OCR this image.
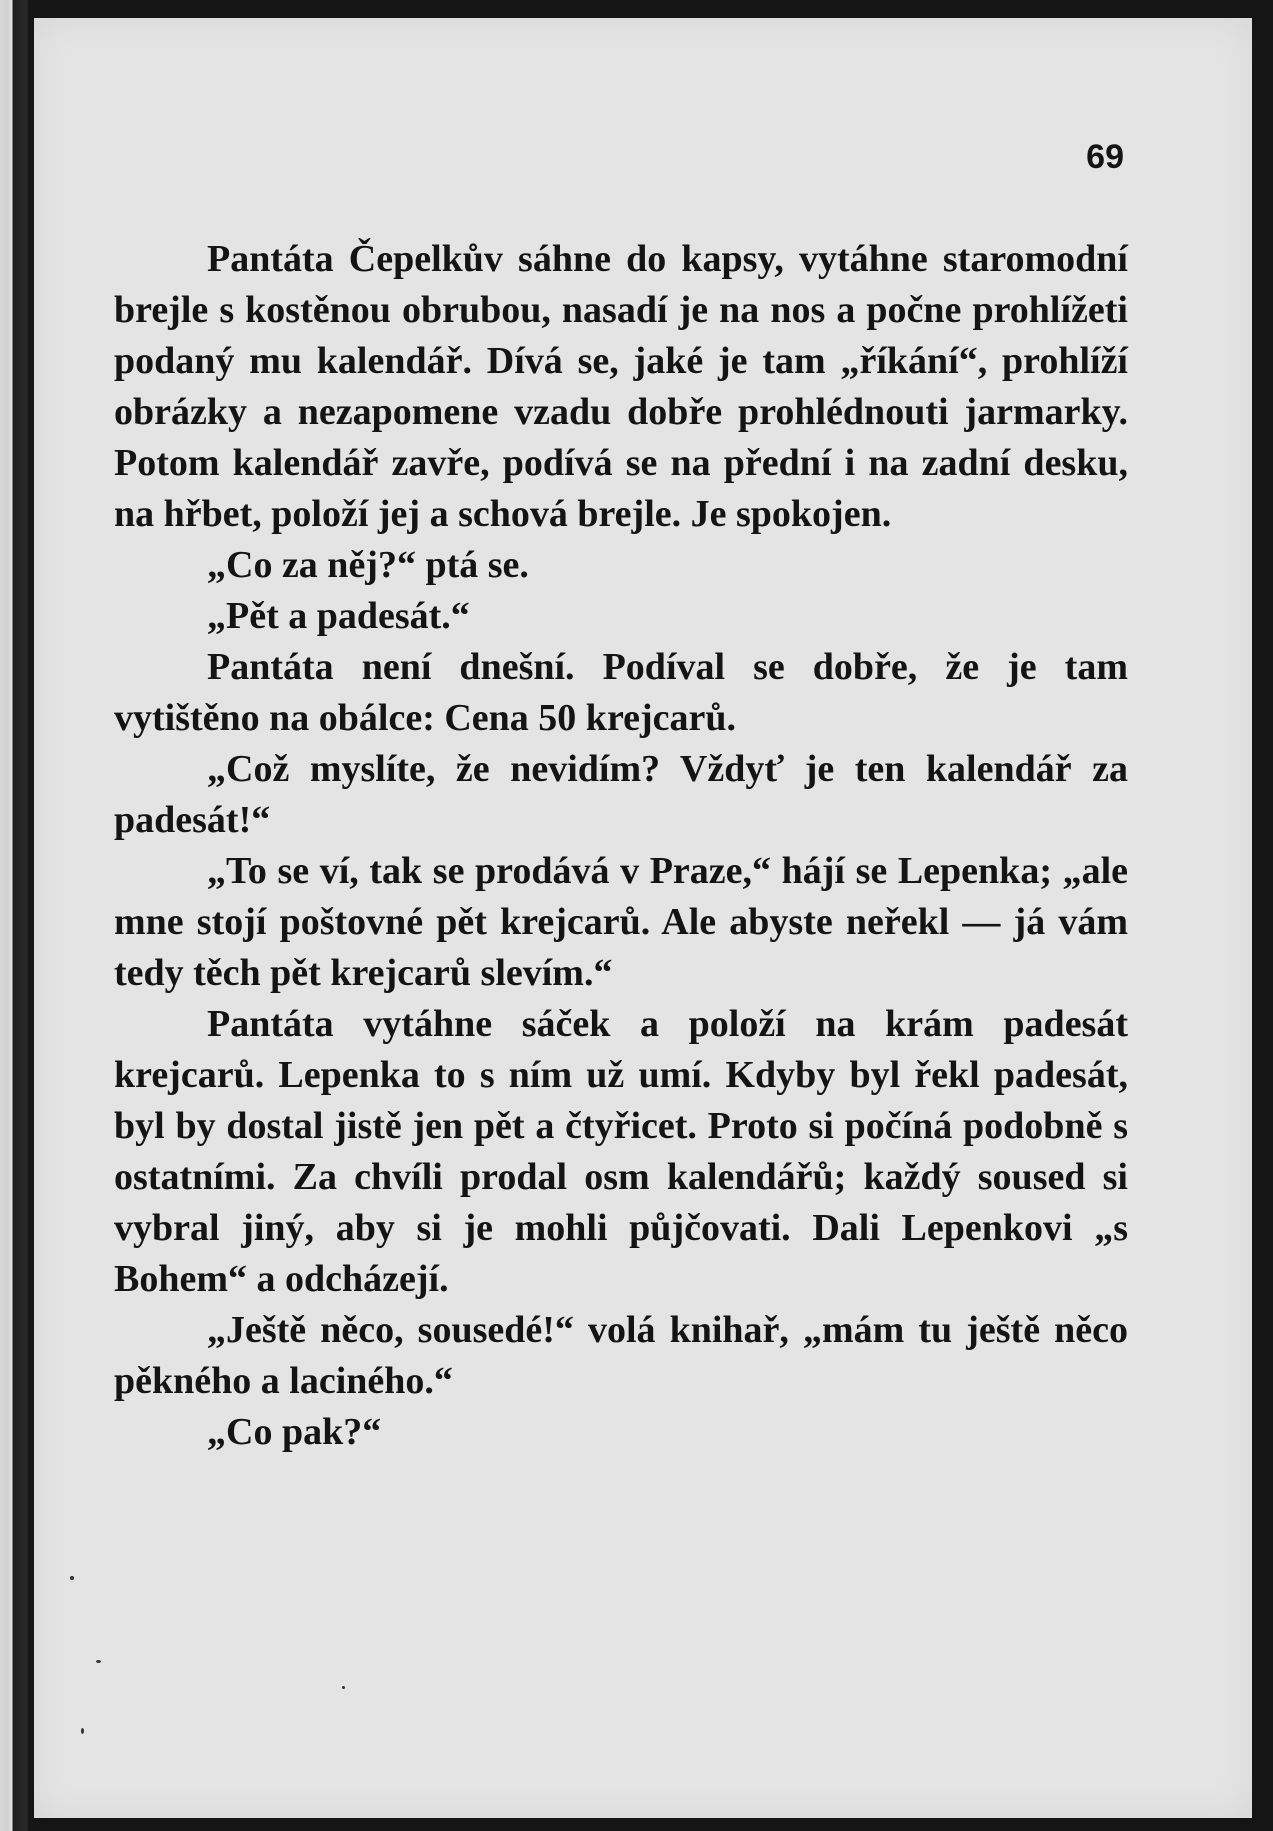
69

Pantáta Čepelkův sáhne do kapsy, vytáhne staromodní brejle s kostěnou obrubou, nasadí je na nos a počne prohlížeti podaný mu kalendář. Dívá se, jaké je tam „říkání“, prohlíží obrázky a nezapomene vzadu dobře prohlédnouti jarmarky. Potom kalendář zavře, podívá se na přední i na zadní desku, na hřbet, položí jej a schová brejle. Je spokojen.

„Co za něj?“ ptá se.

„Pět a padesát.“

Pantáta není dnešní. Podíval se dobře, že je tam vytištěno na obálce: Cena 50 krejcarů.

„Což myslíte, že nevidím? Vždyť je ten kalendář za padesát!“

„To se ví, tak se prodává v Praze,“ hájí se Lepenka; „ale mne stojí poštovné pět krejcarů. Ale abyste neřekl — já vám tedy těch pět krejcarů slevím.“

Pantáta vytáhne sáček a položí na krám padesát krejcarů. Lepenka to s ním už umí. Kdyby byl řekl padesát, byl by dostal jistě jen pět a čtyřicet. Proto si počíná podobně s ostatními. Za chvíli prodal osm kalendářů; každý soused si vybral jiný, aby si je mohli půjčovati. Dali Lepenkovi „s Bohem“ a odcházejí.

„Ještě něco, sousedé!“ volá knihař, „mám tu ještě něco pěkného a laciného.“

„Co pak?“
